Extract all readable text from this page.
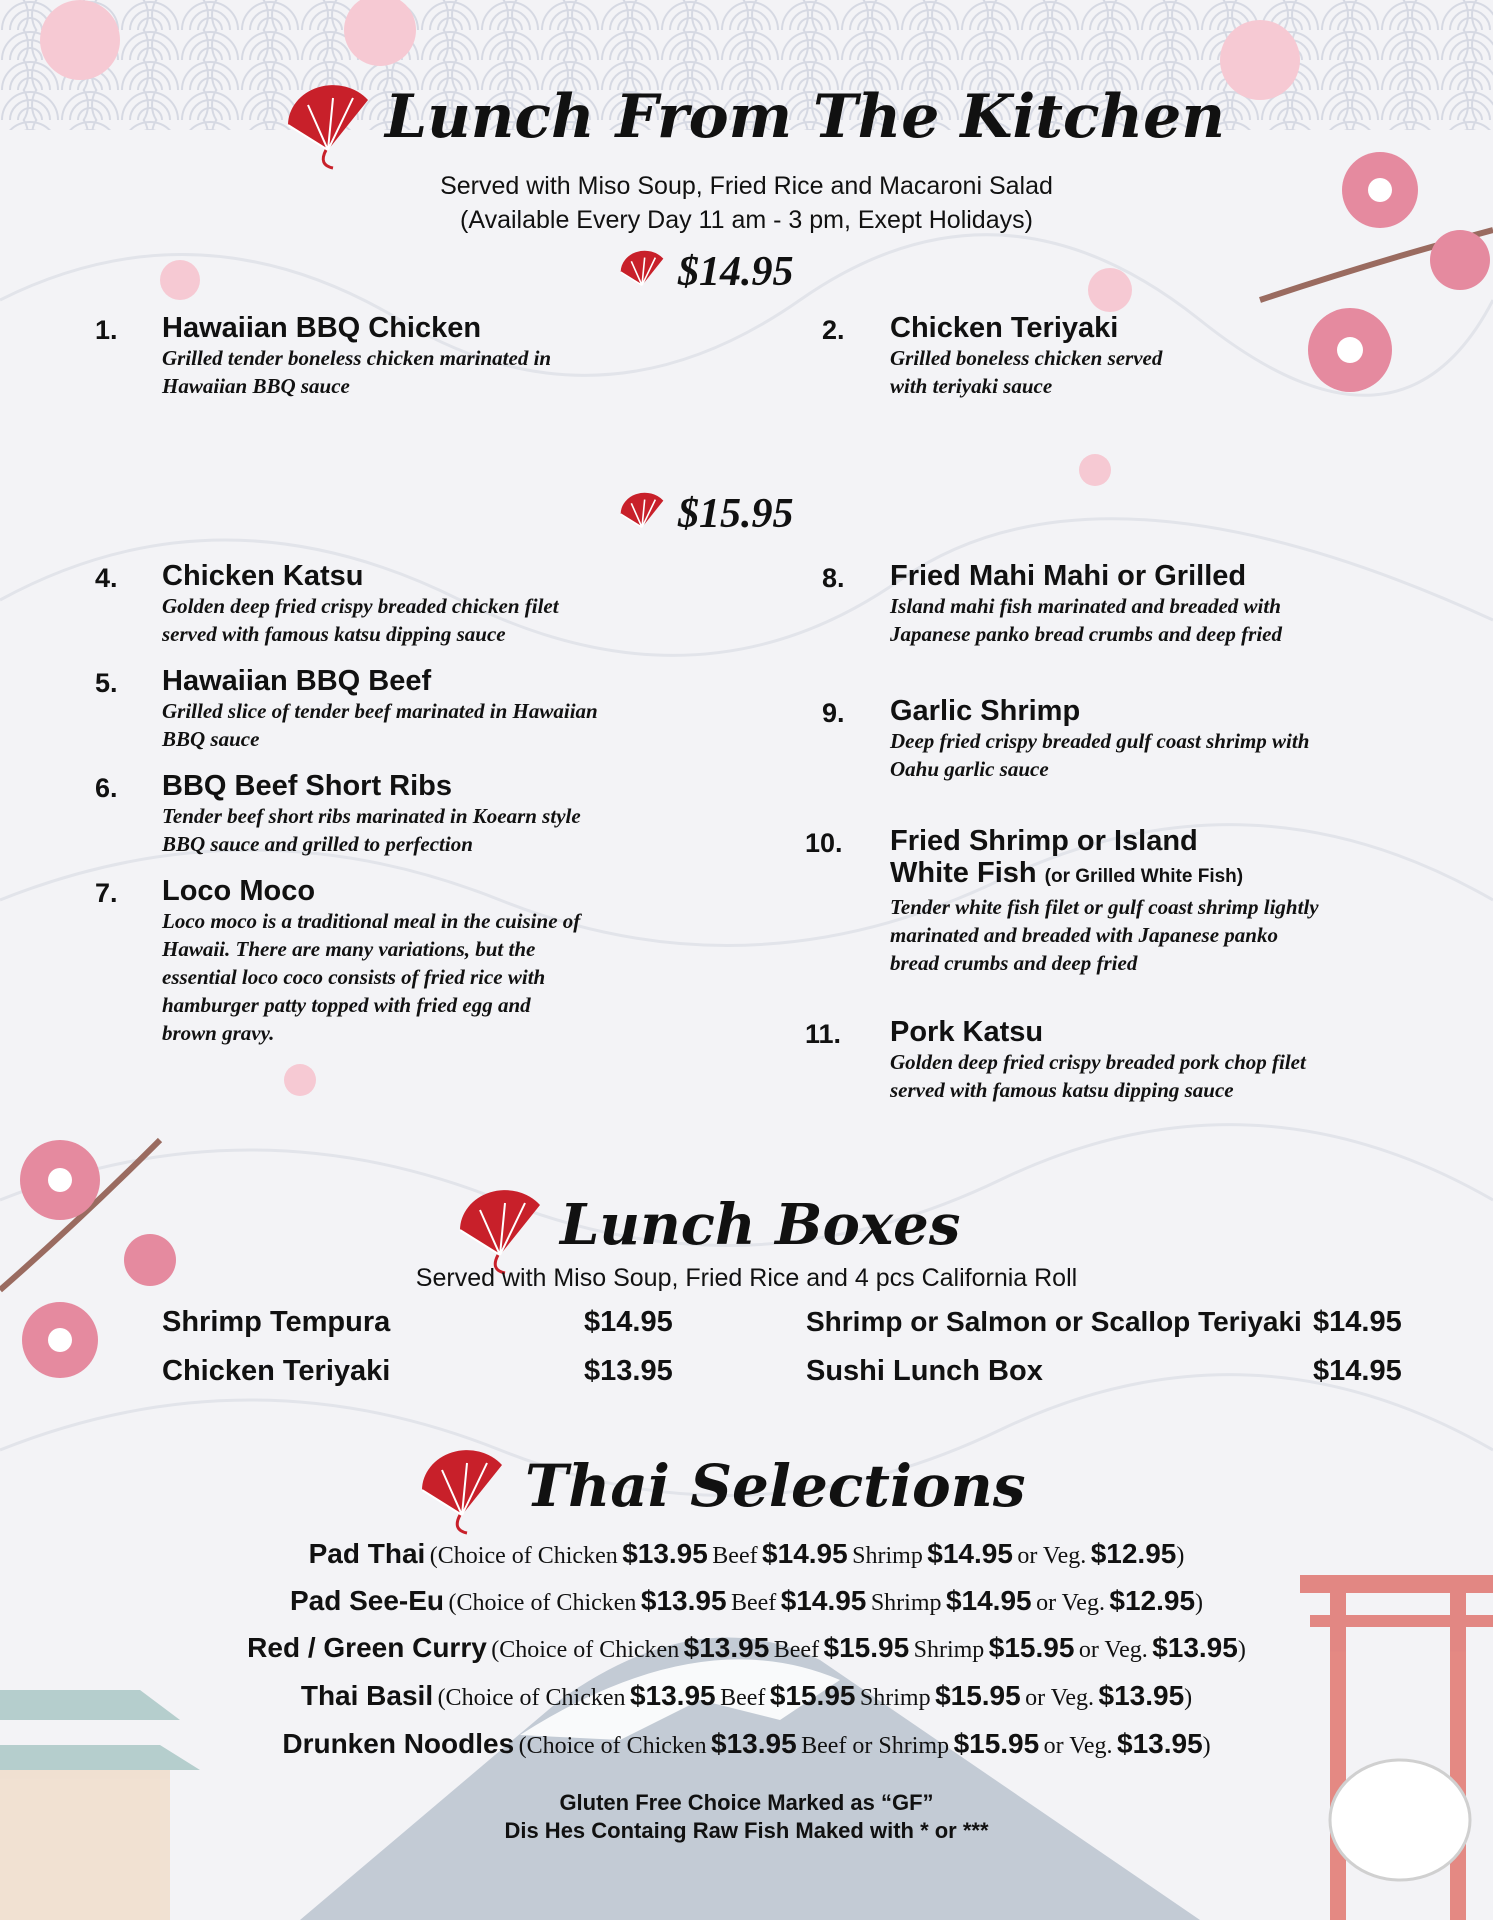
Lunch From The Kitchen
Served with Miso Soup, Fried Rice and Macaroni Salad
(Available Every Day 11 am - 3 pm, Exept Holidays)
$14.95
1. Hawaiian BBQ Chicken
Grilled tender boneless chicken marinated in
Hawaiian BBQ sauce
2. Chicken Teriyaki
Grilled boneless chicken served
with teriyaki sauce
$15.95
4. Chicken Katsu
Golden deep fried crispy breaded chicken filet
served with famous katsu dipping sauce
5. Hawaiian BBQ Beef
Grilled slice of tender beef marinated in Hawaiian
BBQ sauce
6. BBQ Beef Short Ribs
Tender beef short ribs marinated in Koearn style
BBQ sauce and grilled to perfection
7. Loco Moco
Loco moco is a traditional meal in the cuisine of
Hawaii. There are many variations, but the
essential loco coco consists of fried rice with
hamburger patty topped with fried egg and
brown gravy.
8. Fried Mahi Mahi or Grilled
Island mahi fish marinated and breaded with
Japanese panko bread crumbs and deep fried
9. Garlic Shrimp
Deep fried crispy breaded gulf coast shrimp with
Oahu garlic sauce
10. Fried Shrimp or Island
White Fish (or Grilled White Fish)
Tender white fish filet or gulf coast shrimp lightly
marinated and breaded with Japanese panko
bread crumbs and deep fried
11. Pork Katsu
Golden deep fried crispy breaded pork chop filet
served with famous katsu dipping sauce
Lunch Boxes
Served with Miso Soup, Fried Rice and 4 pcs California Roll
Shrimp Tempura	$14.95
Chicken Teriyaki	$13.95
Shrimp or Salmon or Scallop Teriyaki $14.95
Sushi Lunch Box	$14.95
Thai Selections
Pad Thai (Choice of Chicken $13.95 Beef $14.95 Shrimp $14.95 or Veg. $12.95)
Pad See-Eu (Choice of Chicken $13.95 Beef $14.95 Shrimp $14.95 or Veg. $12.95)
Red / Green Curry (Choice of Chicken $13.95 Beef $15.95 Shrimp $15.95 or Veg. $13.95)
Thai Basil (Choice of Chicken $13.95 Beef $15.95 Shrimp $15.95 or Veg. $13.95)
Drunken Noodles (Choice of Chicken $13.95 Beef or Shrimp $15.95 or Veg. $13.95)
Gluten Free Choice Marked as “GF”
Dis Hes Containg Raw Fish Maked with * or ***
